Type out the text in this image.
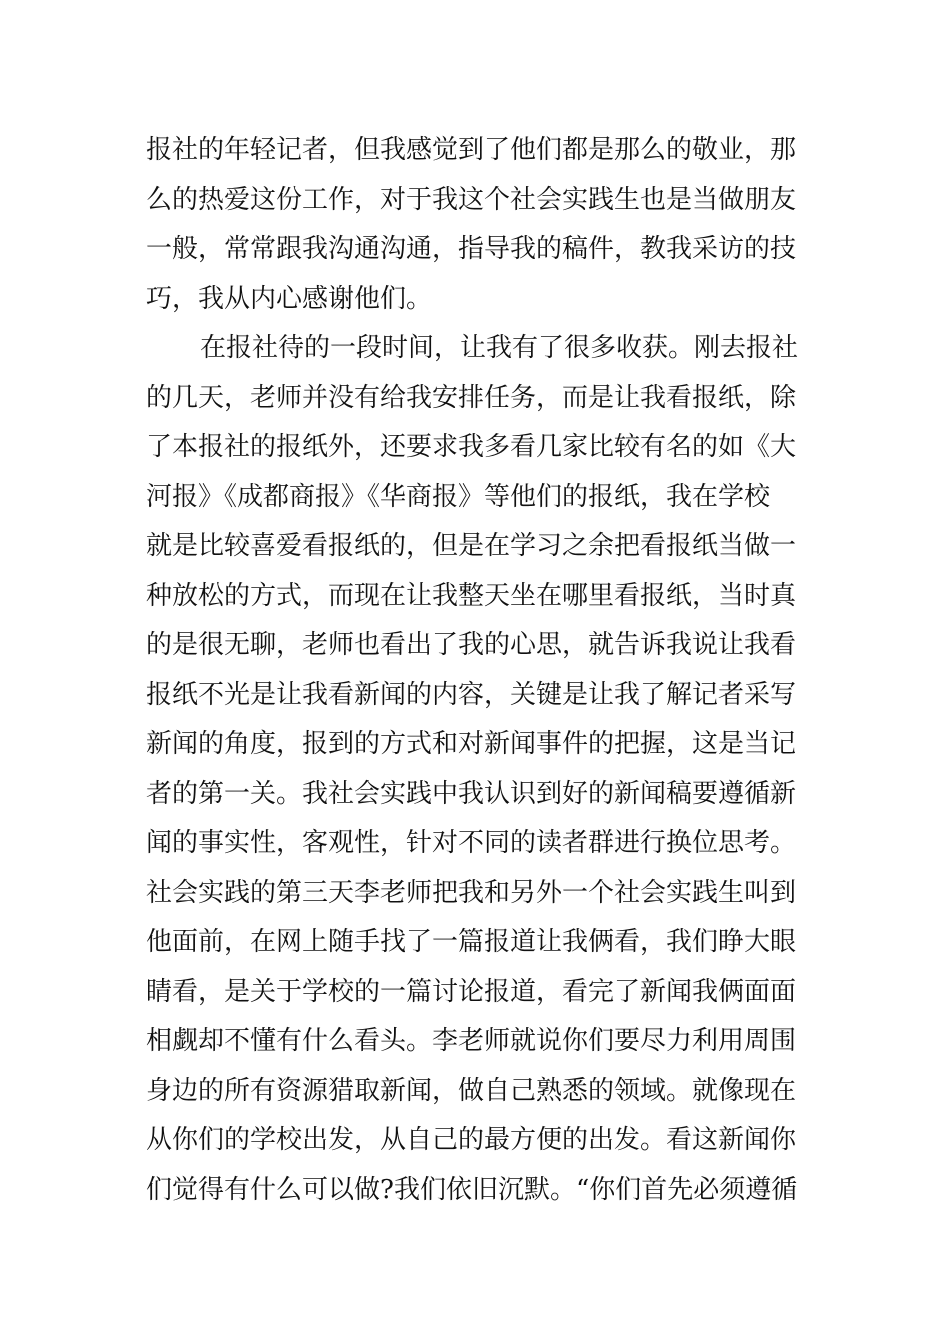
报社的年轻记者，但我感觉到了他们都是那么的敬业，那
么的热爱这份工作，对于我这个社会实践生也是当做朋友
一般，常常跟我沟通沟通，指导我的稿件，教我采访的技
巧，我从内心感谢他们。
在报社待的一段时间，让我有了很多收获。刚去报社
的几天，老师并没有给我安排任务，而是让我看报纸，除
了本报社的报纸外，还要求我多看几家比较有名的如《大
河报》《成都商报》《华商报》等他们的报纸，我在学校
就是比较喜爱看报纸的，但是在学习之余把看报纸当做一
种放松的方式，而现在让我整天坐在哪里看报纸，当时真
的是很无聊，老师也看出了我的心思，就告诉我说让我看
报纸不光是让我看新闻的内容，关键是让我了解记者采写
新闻的角度，报到的方式和对新闻事件的把握，这是当记
者的第一关。我社会实践中我认识到好的新闻稿要遵循新
闻的事实性，客观性，针对不同的读者群进行换位思考。
社会实践的第三天李老师把我和另外一个社会实践生叫到
他面前，在网上随手找了一篇报道让我俩看，我们睁大眼
睛看，是关于学校的一篇讨论报道，看完了新闻我俩面面
相觑却不懂有什么看头。李老师就说你们要尽力利用周围
身边的所有资源猎取新闻，做自己熟悉的领域。就像现在
从你们的学校出发，从自己的最方便的出发。看这新闻你
们觉得有什么可以做?我们依旧沉默。“你们首先必须遵循
